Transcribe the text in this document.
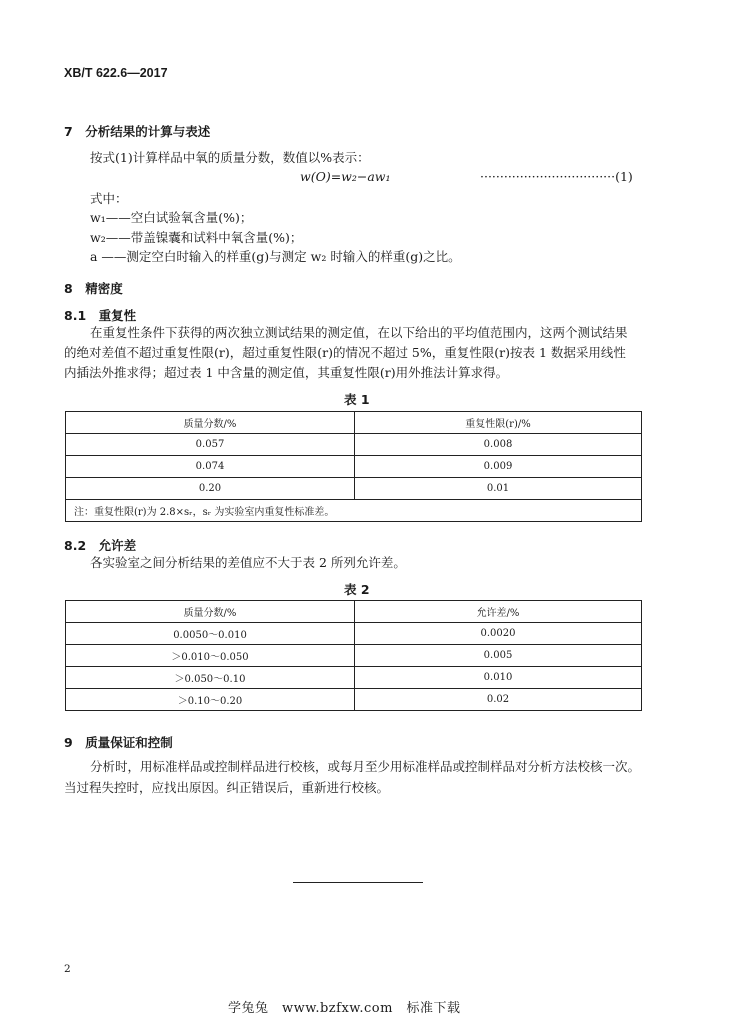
XB/T 622.6—2017
7　分析结果的计算与表述
按式(1)计算样品中氧的质量分数，数值以%表示：
w(O)=w₂−aw₁	··································(1)
式中：
w₁——空白试验氧含量(%)；
w₂——带盖镍囊和试料中氧含量(%)；
a ——测定空白时输入的样重(g)与测定 w₂ 时输入的样重(g)之比。
8　精密度
8.1　重复性
在重复性条件下获得的两次独立测试结果的测定值，在以下给出的平均值范围内，这两个测试结果
的绝对差值不超过重复性限(r)，超过重复性限(r)的情况不超过 5%，重复性限(r)按表 1 数据采用线性
内插法外推求得；超过表 1 中含量的测定值，其重复性限(r)用外推法计算求得。
表 1
质量分数/%	重复性限(r)/%
0.057	0.008
0.074	0.009
0.20	0.01
注：重复性限(r)为 2.8×sᵣ，sᵣ 为实验室内重复性标准差。	
8.2　允许差
各实验室之间分析结果的差值应不大于表 2 所列允许差。
表 2
质量分数/%	允许差/%
0.0050～0.010	0.0020
＞0.010～0.050	0.005
＞0.050～0.10	0.010
＞0.10～0.20	0.02
9　质量保证和控制
分析时，用标准样品或控制样品进行校核，或每月至少用标准样品或控制样品对分析方法校核一次。
当过程失控时，应找出原因。纠正错误后，重新进行校核。
2
学兔兔　www.bzfxw.com　标准下载
